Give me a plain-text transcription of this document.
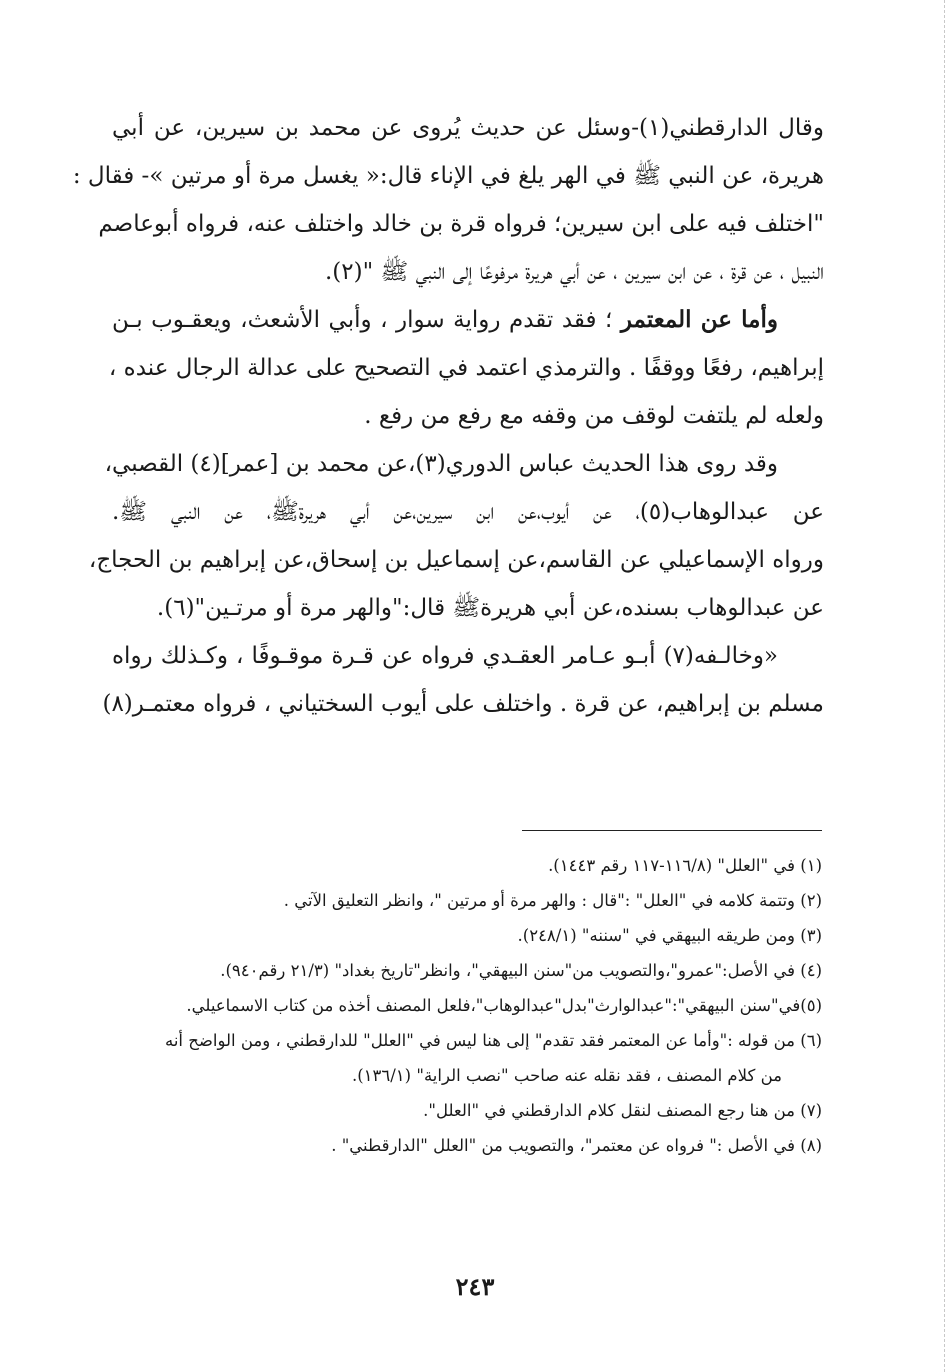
وقال الدارقطني(١)-وسئل عن حديث يُروى عن محمد بن سيرين، عن أبي
هريرة، عن النبي ﷺ في الهر يلغ في الإناء قال:« يغسل مرة أو مرتين »- فقال :
"اختلف فيه على ابن سيرين؛ فرواه قرة بن خالد واختلف عنه، فرواه أبوعاصم
النبيل ، عن قرة ، عن ابن سيرين ، عن أبي هريرة مرفوعًا إلى النبي ﷺ "(٢).
وأما عن المعتمر ؛ فقد تقدم رواية سوار ، وأبي الأشعث، ويعقـوب بـن
إبراهيم، رفعًا ووقفًا . والترمذي اعتمد في التصحيح على عدالة الرجال عنده ،
ولعله لم يلتفت لوقف من وقفه مع رفع من رفع .
وقد روى هذا الحديث عباس الدوري(٣)،عن محمد بن [عمر](٤) القصبي،
عن عبدالوهاب(٥)، عن أيوب،عن ابن سيرين،عن أبي هريرةﷺ، عن النبي ﷺ.
ورواه الإسماعيلي عن القاسم،عن إسماعيل بن إسحاق،عن إبراهيم بن الحجاج،
عن عبدالوهاب بسنده،عن أبي هريرةﷺ قال:"والهر مرة أو مرتـين"(٦).
«وخالـفه(٧) أبـو عـامر العقـدي فرواه عن قـرة موقـوفًا ، وكـذلك رواه
مسلم بن إبراهيم، عن قرة . واختلف على أيوب السختياني ، فرواه معتمـر(٨)
(١) في "العلل" (١١٦/٨-١١٧ رقم ١٤٤٣).
(٢) وتتمة كلامه في "العلل" :"قال : والهر مرة أو مرتين "، وانظر التعليق الآتي .
(٣) ومن طريقه البيهقي في "سننه" (٢٤٨/١).
(٤) في الأصل:"عمرو"،والتصويب من"سنن البيهقي"، وانظر"تاريخ بغداد" (٢١/٣ رقم٩٤٠).
(٥)في"سنن البيهقي":"عبدالوارث"بدل"عبدالوهاب"،فلعل المصنف أخذه من كتاب الاسماعيلي.
(٦) من قوله :"وأما عن المعتمر فقد تقدم" إلى هنا ليس في "العلل" للدارقطني ، ومن الواضح أنه
من كلام المصنف ، فقد نقله عنه صاحب "نصب الراية" (١٣٦/١).
(٧) من هنا رجع المصنف لنقل كلام الدارقطني في "العلل".
(٨) في الأصل :" فرواه عن معتمر"، والتصويب من "العلل "الدارقطني" .
٢٤٣
